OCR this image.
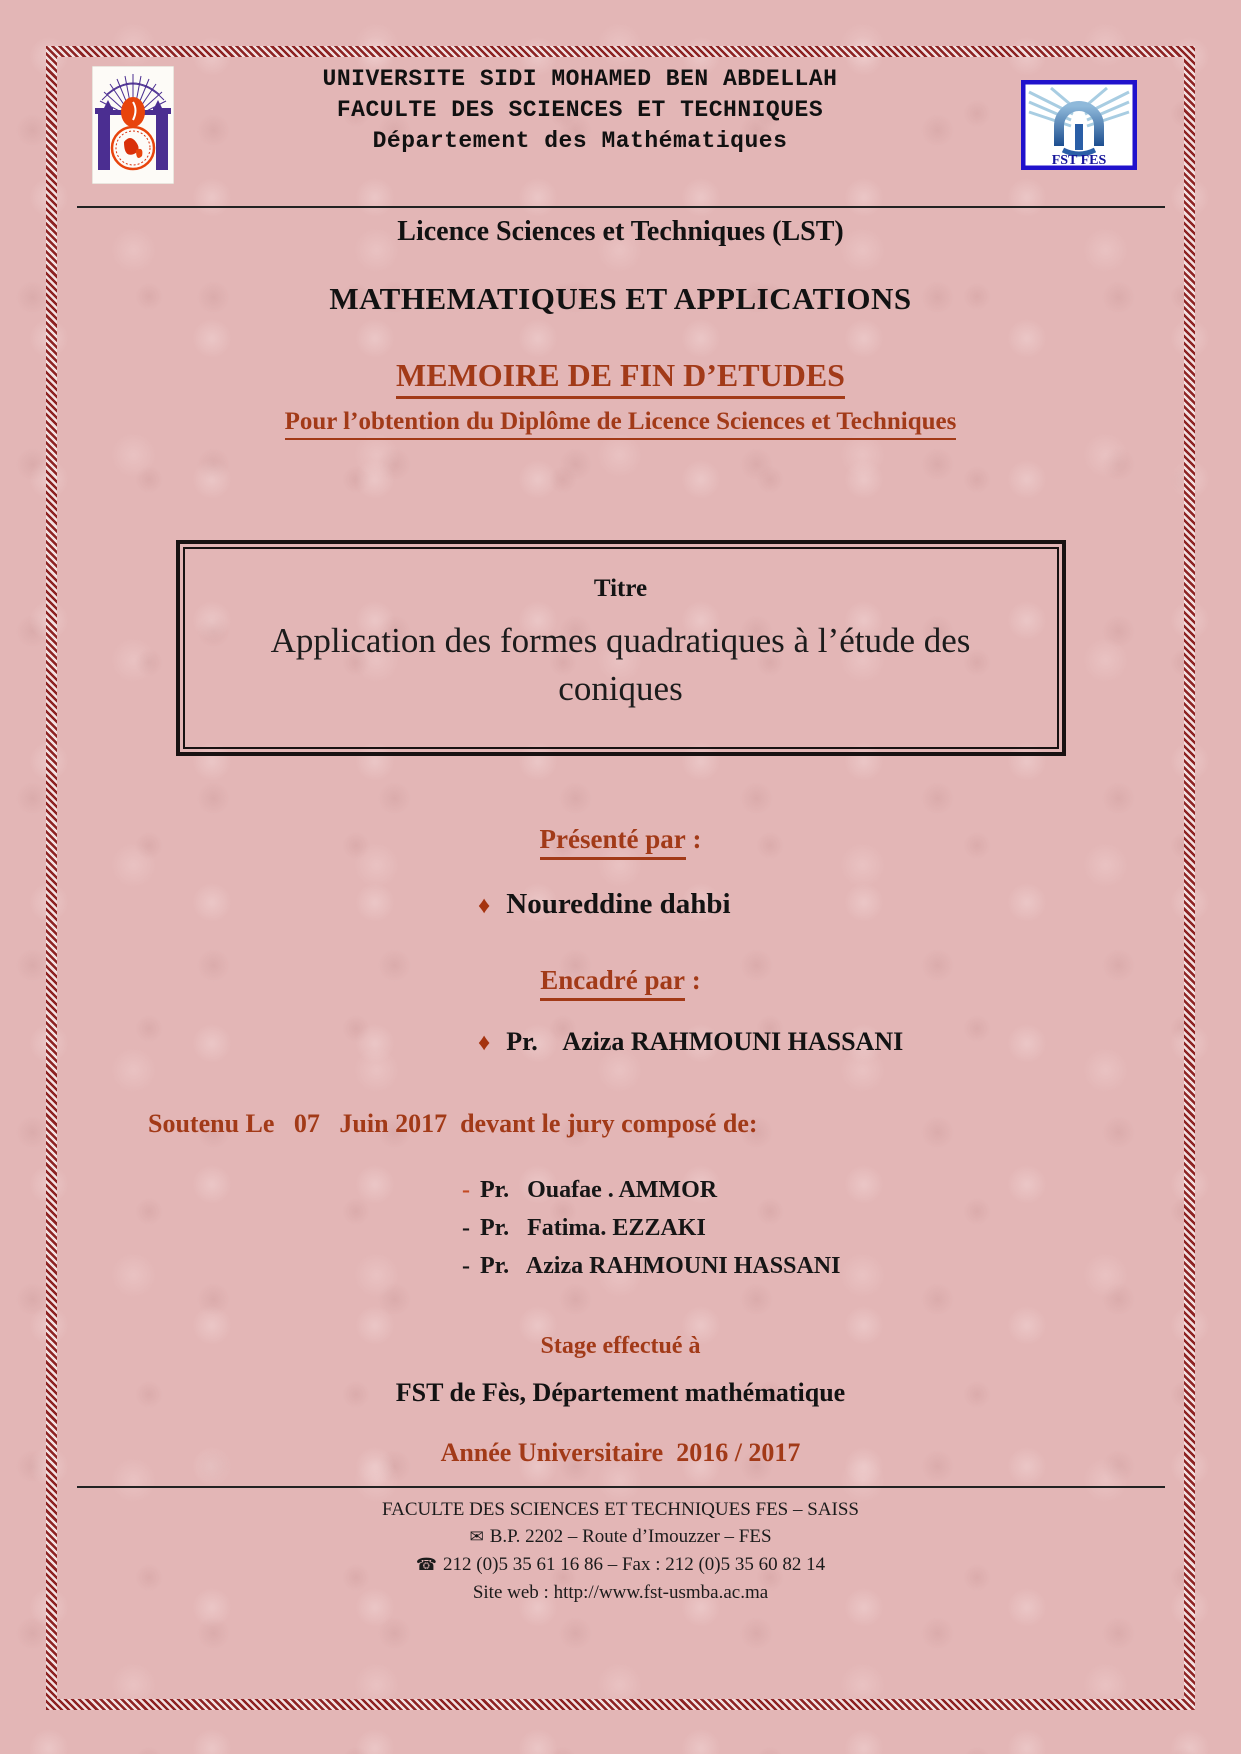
UNIVERSITE SIDI MOHAMED BEN ABDELLAH
FACULTE DES SCIENCES ET TECHNIQUES
Département des Mathématiques
FST FES
Licence Sciences et Techniques (LST)
MATHEMATIQUES ET APPLICATIONS
MEMOIRE DE FIN D’ETUDES
Pour l’obtention du Diplôme de Licence Sciences et Techniques
Titre
Application des formes quadratiques à l’étude des coniques
Présenté par :
♦ Noureddine dahbi
Encadré par :
♦ Pr.    Aziza RAHMOUNI HASSANI
Soutenu Le   07   Juin 2017  devant le jury composé de:
- Pr.   Ouafae . AMMOR
- Pr.   Fatima. EZZAKI
- Pr.   Aziza RAHMOUNI HASSANI
Stage effectué à
FST de Fès, Département mathématique
Année Universitaire  2016 / 2017
FACULTE DES SCIENCES ET TECHNIQUES FES – SAISS
✉ B.P. 2202 – Route d’Imouzzer – FES
☎ 212 (0)5 35 61 16 86 – Fax : 212 (0)5 35 60 82 14
Site web : http://www.fst-usmba.ac.ma
